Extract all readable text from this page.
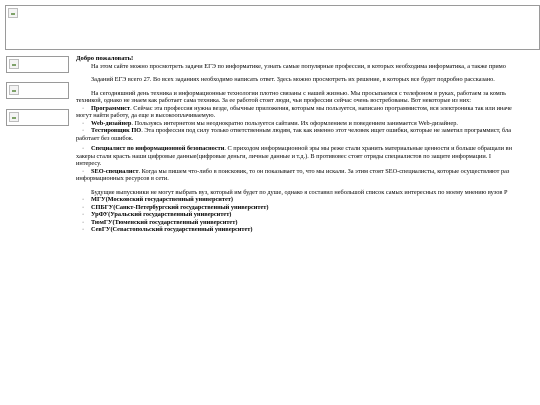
Добро пожаловать!

На этом сайте можно просмотреть задачи ЕГЭ по информатике, узнать самые популярные профессии, в которых необходима информатика, а также примо

Заданий ЕГЭ всего 27. Во всех заданиях необходимо написать ответ. Здесь можно просмотреть их решение, в которых все будет подробно рассказано.

На сегодняшний день техника и информационные технологии плотно связаны с нашей жизнью. Мы просыпаемся с телефоном в руках, работаем за компь

техникой, однако не знаем как работает сама техника. За ее работой стоят люди, чьи профессии сейчас очень востребованы. Вот некоторые из них:

· Программист. Сейчас эта профессия нужна везде, обычные приложения, которым мы пользуется, написано программистом, вся электроника так или иначе

могут найти работу, да еще и высокооплачиваемую.

· Web-дизайнер. Пользуясь интернетом мы неоднократно пользуется сайтами. Их оформлением и поведением занимается Web-дизайнер.
· Тестировщик ПО. Эта профессия под силу только ответственным людям, так как именно этот человек ищет ошибки, которые не заметил программист, бла

работает без ошибок.

· Специалист по информационной безопасности. С приходом информационной эры мы реже стали хранить материальные ценности и больше обращали вн

хакеры стали красть наши цифровые данные(цифровые деньги, личные данные и т.д.). В противовес стоят отряды специалистов по защите информации. I

интересу.

· SEO-специалист. Когда мы пишем что-либо в поисковик, то он показывает то, что мы искали. За этим стоят SEO-специалисты, которые осуществляют раз

информационных ресурсов в сети.

Будущие выпускники не могут выбрать вуз, который им будет по душе, однако я составил небольшой список самых интересных по моему мнению вузов Р

· МГУ(Московский государственный университет)
· СПБГУ(Санкт-Петербургский государственный университет)
· УрФУ(Уральский государственный университет)
· ТюмГУ(Тюменский государственный университет)
· СевГУ(Севастопольский государственный университет)
